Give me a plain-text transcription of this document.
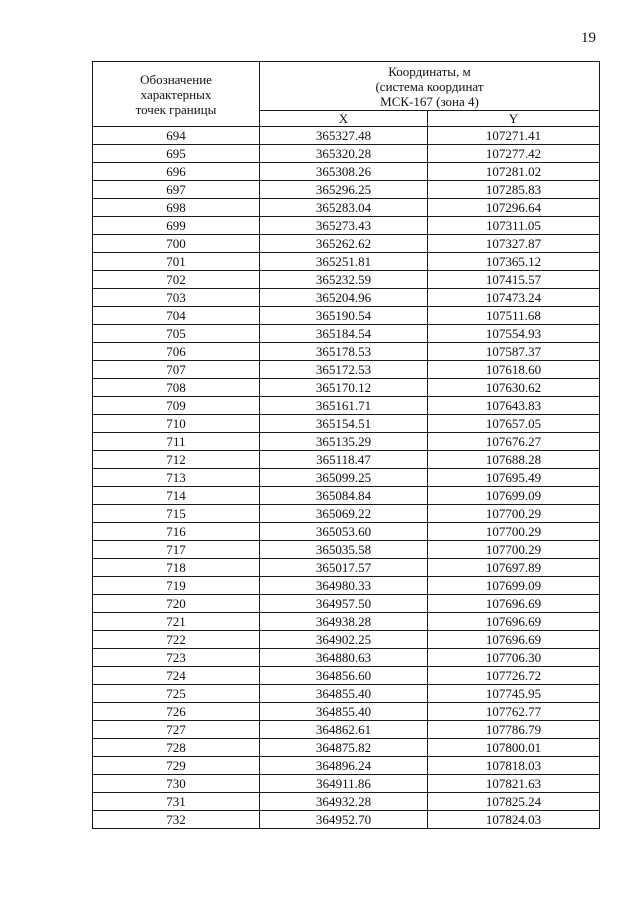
19
Обозначение
характерных
точек границы	Координаты, м
(система координат
МСК-167 (зона 4)	

	X	Y
694	365327.48	107271.41
695	365320.28	107277.42
696	365308.26	107281.02
697	365296.25	107285.83
698	365283.04	107296.64
699	365273.43	107311.05
700	365262.62	107327.87
701	365251.81	107365.12
702	365232.59	107415.57
703	365204.96	107473.24
704	365190.54	107511.68
705	365184.54	107554.93
706	365178.53	107587.37
707	365172.53	107618.60
708	365170.12	107630.62
709	365161.71	107643.83
710	365154.51	107657.05
711	365135.29	107676.27
712	365118.47	107688.28
713	365099.25	107695.49
714	365084.84	107699.09
715	365069.22	107700.29
716	365053.60	107700.29
717	365035.58	107700.29
718	365017.57	107697.89
719	364980.33	107699.09
720	364957.50	107696.69
721	364938.28	107696.69
722	364902.25	107696.69
723	364880.63	107706.30
724	364856.60	107726.72
725	364855.40	107745.95
726	364855.40	107762.77
727	364862.61	107786.79
728	364875.82	107800.01
729	364896.24	107818.03
730	364911.86	107821.63
731	364932.28	107825.24
732	364952.70	107824.03
